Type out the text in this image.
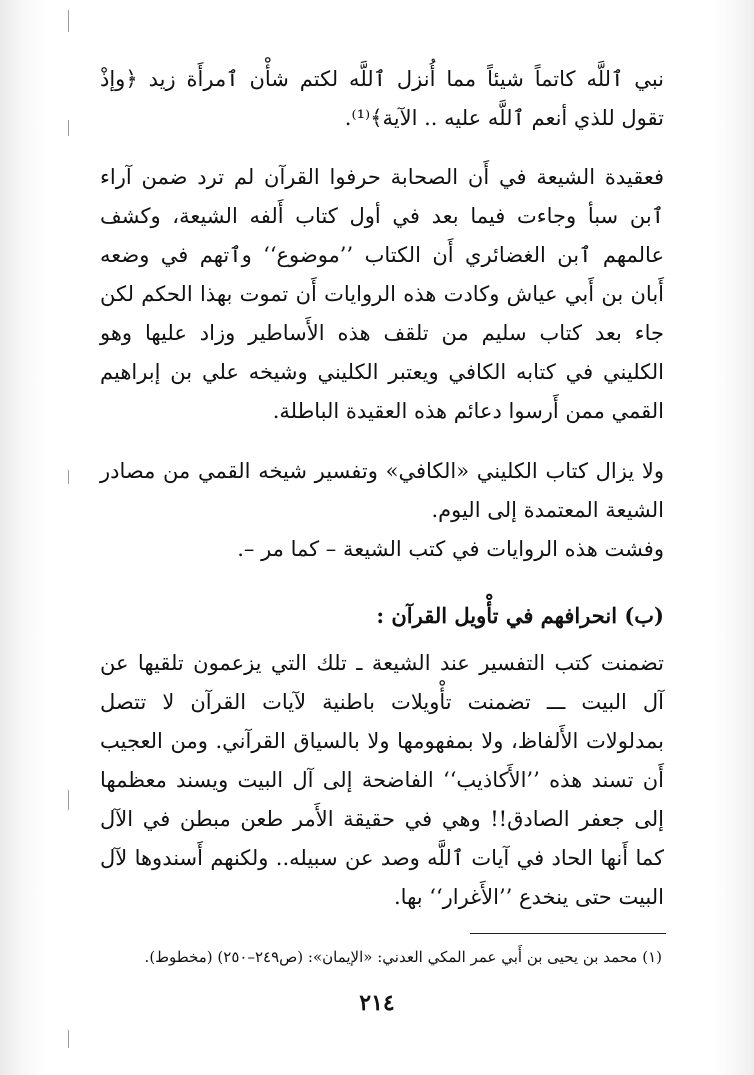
نبي ٱللَّه كاتماً شيئاً مما أُنزل ٱللَّه لكتم شأْن ٱمرأَة زيد ﴿وإذْ تقول للذي أنعم ٱللَّه عليه .. الآية﴾⁽¹⁾.

فعقيدة الشيعة في أَن الصحابة حرفوا القرآن لم ترد ضمن آراء ٱبن سبأ وجاءت فيما بعد في أول كتاب أَلفه الشيعة، وكشف عالمهم ٱبن الغضائري أَن الكتاب ’’موضوع‘‘ وٱتهم في وضعه أَبان بن أَبي عياش وكادت هذه الروايات أَن تموت بهذا الحكم لكن جاء بعد كتاب سليم من تلقف هذه الأَساطير وزاد عليها وهو الكليني في كتابه الكافي ويعتبر الكليني وشيخه علي بن إبراهيم القمي ممن أَرسوا دعائم هذه العقيدة الباطلة.

ولا يزال كتاب الكليني «الكافي» وتفسير شيخه القمي من مصادر الشيعة المعتمدة إلى اليوم.

وفشت هذه الروايات في كتب الشيعة – كما مر –.

(ب) انحرافهم في تأْويل القرآن :

تضمنت كتب التفسير عند الشيعة ـ تلك التي يزعمون تلقيها عن آل البيت ـــ تضمنت تأْويلات باطنية لآيات القرآن لا تتصل بمدلولات الأَلفاظ، ولا بمفهومها ولا بالسياق القرآني. ومن العجيب أَن تسند هذه ’’الأَكاذيب‘‘ الفاضحة إلى آل البيت ويسند معظمها إلى جعفر الصادق!! وهي في حقيقة الأَمر طعن مبطن في الآل كما أَنها الحاد في آيات ٱللَّه وصد عن سبيله.. ولكنهم أَسندوها لآل البيت حتى ينخدع ’’الأَغرار‘‘ بها.

(١) محمد بن يحيى بن أَبي عمر المكي العدني: «الإيمان»: (ص٢٤٩–٢٥٠) (مخطوط).

٢١٤
